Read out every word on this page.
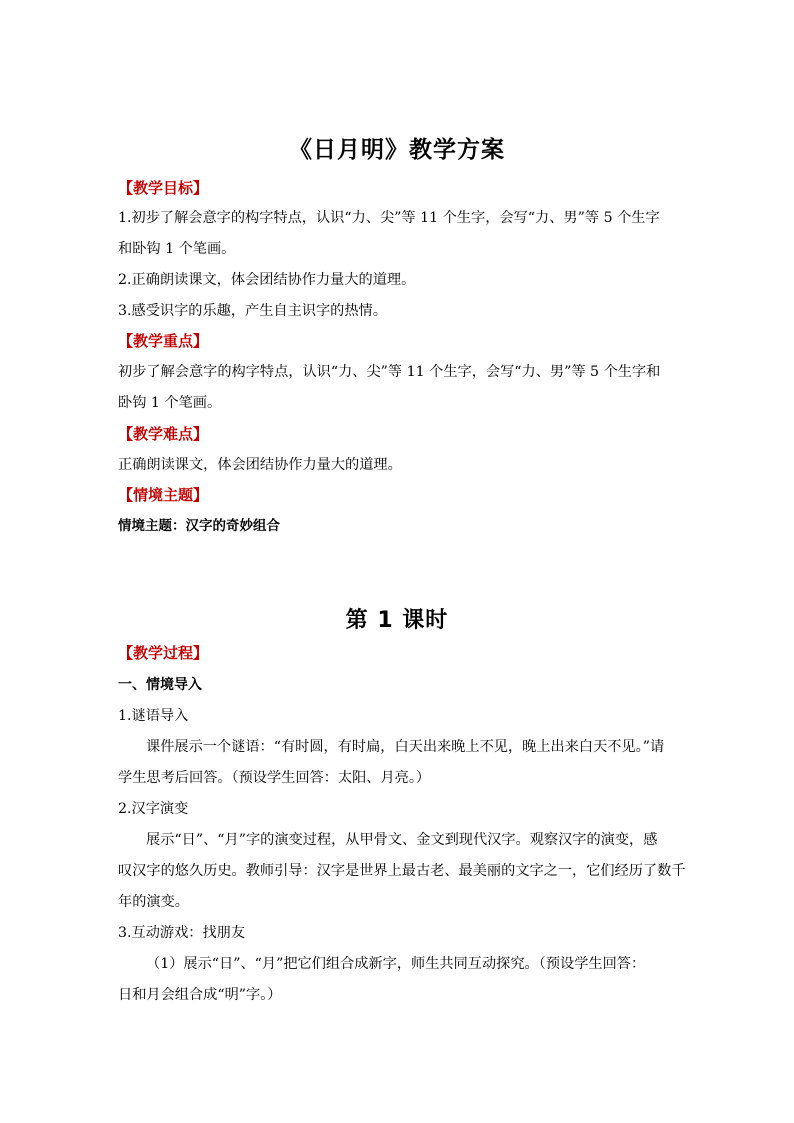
《日月明》教学方案
【教学目标】
1.初步了解会意字的构字特点，认识“力、尖”等 11 个生字，会写“力、男”等 5 个生字
和卧钩 1 个笔画。
2.正确朗读课文，体会团结协作力量大的道理。
3.感受识字的乐趣，产生自主识字的热情。
【教学重点】
初步了解会意字的构字特点，认识“力、尖”等 11 个生字，会写“力、男”等 5 个生字和
卧钩 1 个笔画。
【教学难点】
正确朗读课文，体会团结协作力量大的道理。
【情境主题】
情境主题：汉字的奇妙组合
第 1 课时
【教学过程】
一、情境导入
1.谜语导入
课件展示一个谜语：“有时圆，有时扁，白天出来晚上不见，晚上出来白天不见。”请
学生思考后回答。（预设学生回答：太阳、月亮。）
2.汉字演变
展示“日”、“月”字的演变过程，从甲骨文、金文到现代汉字。观察汉字的演变，感
叹汉字的悠久历史。教师引导：汉字是世界上最古老、最美丽的文字之一，它们经历了数千
年的演变。
3.互动游戏：找朋友
（1）展示“日”、“月”把它们组合成新字，师生共同互动探究。（预设学生回答：
日和月会组合成“明”字。）
